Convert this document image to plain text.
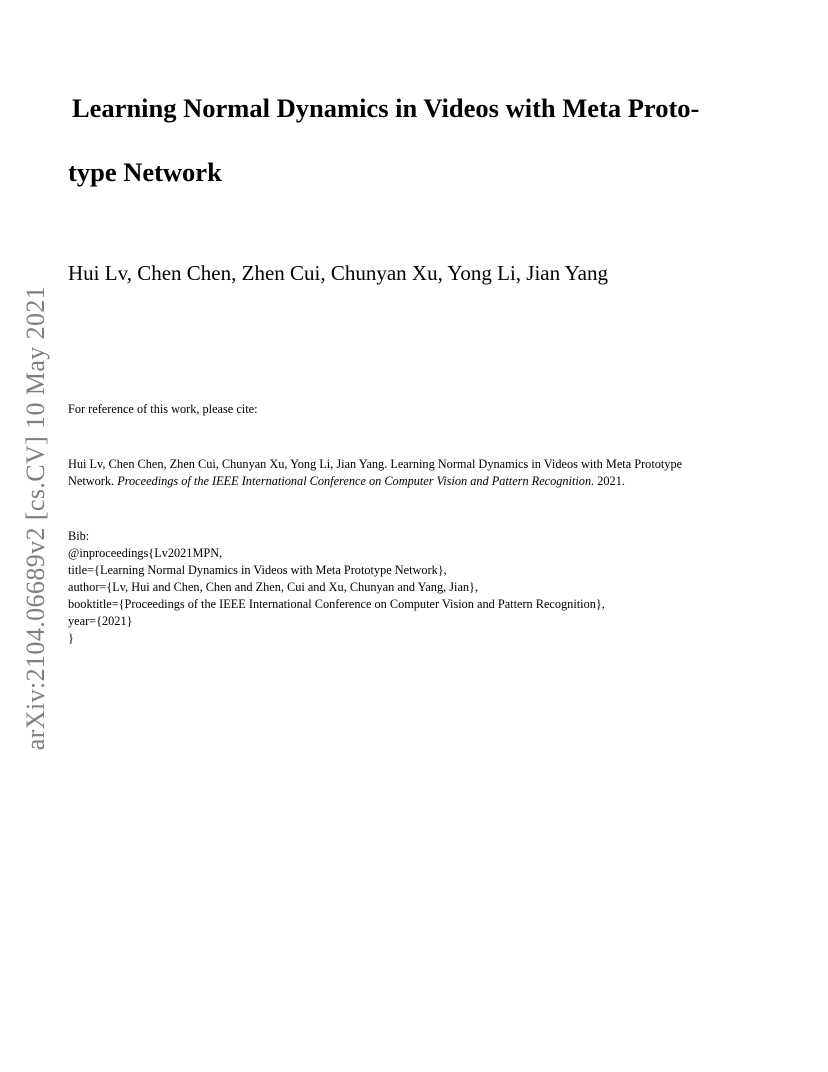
arXiv:2104.06689v2 [cs.CV] 10 May 2021
Learning Normal Dynamics in Videos with Meta Proto-
type Network
Hui Lv, Chen Chen, Zhen Cui, Chunyan Xu, Yong Li, Jian Yang
For reference of this work, please cite:
Hui Lv, Chen Chen, Zhen Cui, Chunyan Xu, Yong Li, Jian Yang. Learning Normal Dynamics in Videos with Meta Prototype
Network. Proceedings of the IEEE International Conference on Computer Vision and Pattern Recognition. 2021.
Bib:
@inproceedings{Lv2021MPN,
title={Learning Normal Dynamics in Videos with Meta Prototype Network},
author={Lv, Hui and Chen, Chen and Zhen, Cui and Xu, Chunyan and Yang, Jian},
booktitle={Proceedings of the IEEE International Conference on Computer Vision and Pattern Recognition},
year={2021}
}
